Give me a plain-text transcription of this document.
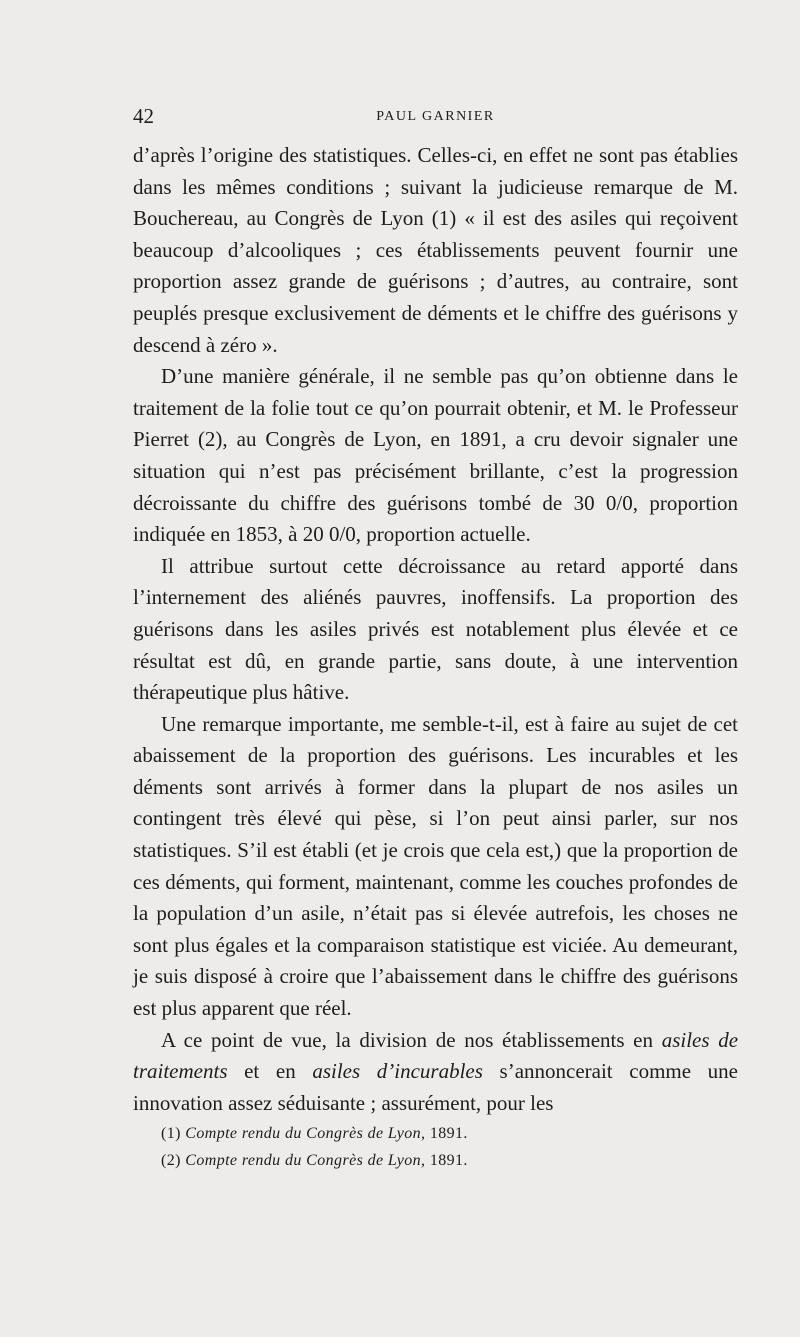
42	PAUL GARNIER

d’après l’origine des statistiques. Celles-ci, en effet ne sont pas établies dans les mêmes conditions ; suivant la judicieuse remarque de M. Bouchereau, au Congrès de Lyon (1) « il est des asiles qui reçoivent beaucoup d’alcooliques ; ces établissements peuvent fournir une proportion assez grande de guérisons ; d’autres, au contraire, sont peuplés presque exclusivement de déments et le chiffre des guérisons y descend à zéro ».

D’une manière générale, il ne semble pas qu’on obtienne dans le traitement de la folie tout ce qu’on pourrait obtenir, et M. le Professeur Pierret (2), au Congrès de Lyon, en 1891, a cru devoir signaler une situation qui n’est pas précisément brillante, c’est la progression décroissante du chiffre des guérisons tombé de 30 0/0, proportion indiquée en 1853, à 20 0/0, proportion actuelle.

Il attribue surtout cette décroissance au retard apporté dans l’internement des aliénés pauvres, inoffensifs. La proportion des guérisons dans les asiles privés est notablement plus élevée et ce résultat est dû, en grande partie, sans doute, à une intervention thérapeutique plus hâtive.

Une remarque importante, me semble-t-il, est à faire au sujet de cet abaissement de la proportion des guérisons. Les incurables et les déments sont arrivés à former dans la plupart de nos asiles un contingent très élevé qui pèse, si l’on peut ainsi parler, sur nos statistiques. S’il est établi (et je crois que cela est,) que la proportion de ces déments, qui forment, maintenant, comme les couches profondes de la population d’un asile, n’était pas si élevée autrefois, les choses ne sont plus égales et la comparaison statistique est viciée. Au demeurant, je suis disposé à croire que l’abaissement dans le chiffre des guérisons est plus apparent que réel.

A ce point de vue, la division de nos établissements en asiles de traitements et en asiles d’incurables s’annoncerait comme une innovation assez séduisante ; assurément, pour les

(1) Compte rendu du Congrès de Lyon, 1891.
(2) Compte rendu du Congrès de Lyon, 1891.
